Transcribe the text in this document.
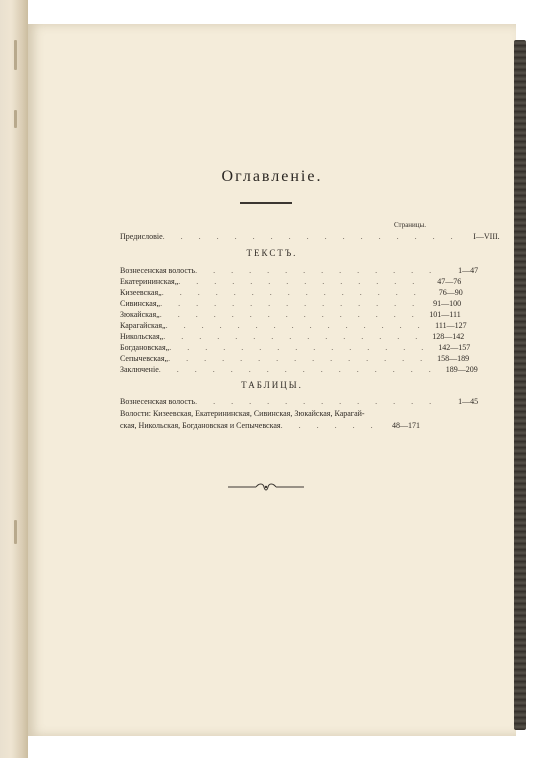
Оглавленіе.
Страницы.
Предисловіе . . . . . . . . . . . . . . . . .	I—VIII.
ТЕКСТЪ.
Вознесенская волость . . . . . . . . . . . . . .	1—47
Екатерининская „ . . . . . . . . . . . . . .	47—76
Кизеевская „ . . . . . . . . . . . . . . .	76—90
Сивинская „ . . . . . . . . . . . . . . .	91—100
Зюкайская „ . . . . . . . . . . . . . . .	101—111
Карагайская „ . . . . . . . . . . . . . . .	111—127
Никольская „ . . . . . . . . . . . . . . .	128—142
Богдановская „ . . . . . . . . . . . . . . .	142—157
Сепычевская „ . . . . . . . . . . . . . . .	158—189
Заключеніе . . . . . . . . . . . . . . . .	189—209
ТАБЛИЦЫ.
Вознесенская волость . . . . . . . . . . . . . .	1—45
Волости: Кизеевская, Екатерининская, Сивинская, Зюкайская, Карагай-
ская, Никольская, Богдановская и Сепычевская . . . . . .	48—171
